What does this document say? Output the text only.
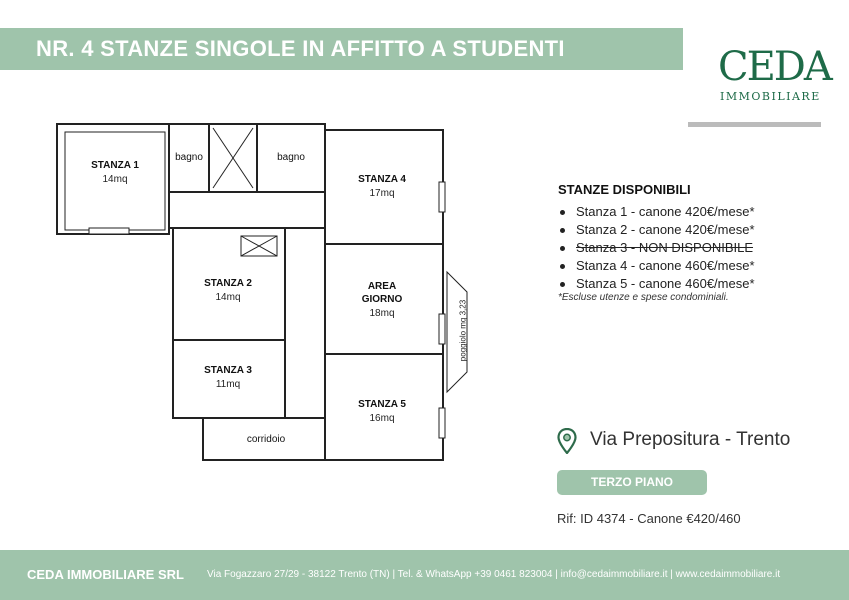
NR. 4 STANZE SINGOLE IN AFFITTO A STUDENTI	CEDA
IMMOBILIARE
STANZA 1
14mq
bagno	bagno
STANZA 4
17mq
STANZA 2
14mq
AREA GIORNO
18mq
STANZA 3
11mq
STANZA 5
16mq
corridoio
poggiolo mq 3,23
STANZE DISPONIBILI
Stanza 1 - canone 420€/mese*
Stanza 2 - canone 420€/mese*
Stanza 3 - NON DISPONIBILE
Stanza 4 - canone 460€/mese*
Stanza 5 - canone 460€/mese*
*Escluse utenze e spese condominiali.
Via Prepositura - Trento
TERZO PIANO
Rif: ID 4374 - Canone €420/460
CEDA IMMOBILIARE SRL Via Fogazzaro 27/29 - 38122 Trento (TN) | Tel. & WhatsApp +39 0461 823004 | info@cedaimmobiliare.it | www.cedaimmobiliare.it
